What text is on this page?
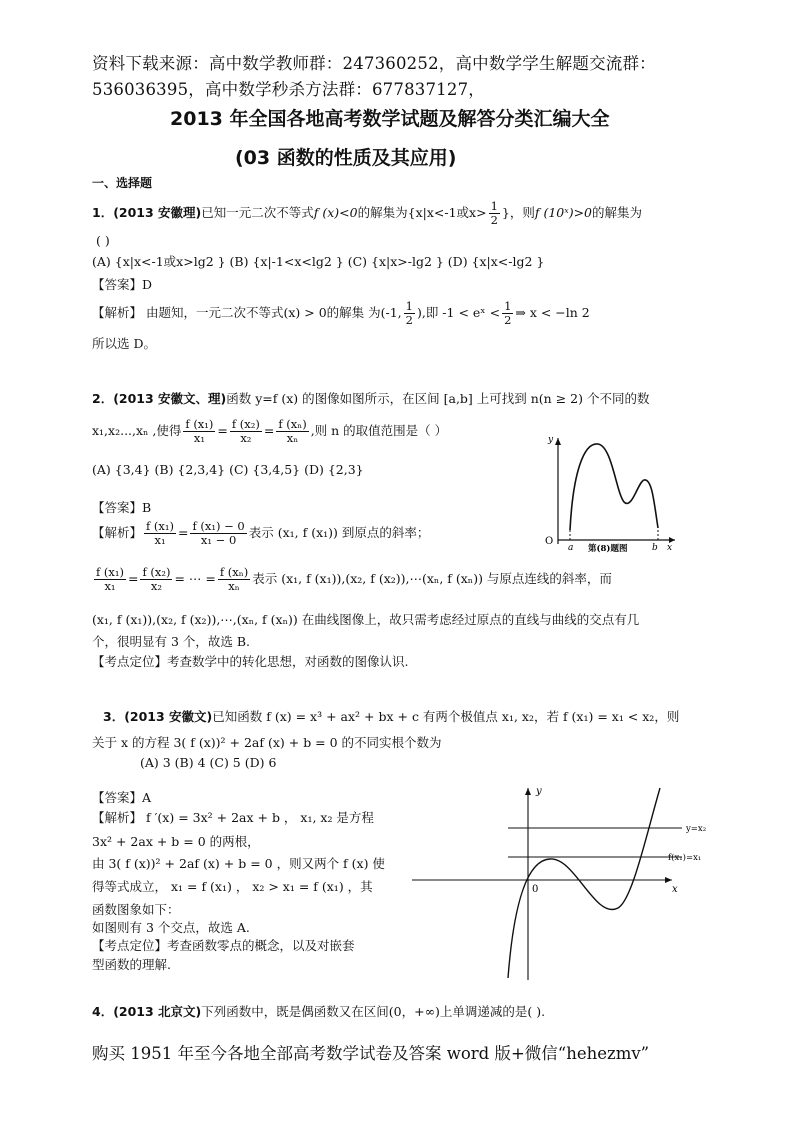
资料下载来源：高中数学教师群：247360252，高中数学学生解题交流群：
536036395，高中数学秒杀方法群：677837127，
2013 年全国各地高考数学试题及解答分类汇编大全
(03 函数的性质及其应用)
一、选择题
1．(2013 安徽理)已知一元二次不等式f (x)<0的解集为{x|x<-1或$x> \frac{1}{2}$ }，则f (10ˣ)>0的解集为
( )
(A) {x|x<-1或x>lg2 } (B) {x|-1<x<lg2 } (C) {x|x>-lg2 } (D) {x|x<-lg2 }
【答案】D
【解析】 由题知，一元二次不等式(x) > 0的解集 为(-1, $\frac{1}{2}$ ),即 -1 < eˣ < $\frac{1}{2}$ ⇒ x < −ln 2
所以选 D。
2．(2013 安徽文、理)函数 y=f (x) 的图像如图所示，在区间 [a,b] 上可找到 n(n ≥ 2) 个不同的数
x₁,x₂...,xₙ ,使得 $\frac{\text{f (x₁)}}{\text{x₁}} = \frac{\text{f (x₂)}}{\text{x₂}} = \frac{\text{f (xₙ)}}{\text{xₙ}}$ ,则 n 的取值范围是（ ）
(A) {3,4} (B) {2,3,4} (C) {3,4,5} (D) {2,3}
O
a	b x
y
第(8)题图
【答案】B
【解析】 $\frac{\text{f (x₁)}}{\text{x₁}} = \frac{\text{f (x₁) − 0}}{\text{x₁ − 0}}$ 表示 (x₁, f (x₁)) 到原点的斜率；
$\frac{\text{f (x₁)}}{\text{x₁}} = \frac{\text{f (x₂)}}{\text{x₂}}$ = ⋯ = $\frac{\text{f (xₙ)}}{\text{xₙ}}$ 表示 (x₁, f (x₁)),(x₂, f (x₂)),⋯(xₙ, f (xₙ)) 与原点连线的斜率，而
(x₁, f (x₁)),(x₂, f (x₂)),⋯,(xₙ, f (xₙ)) 在曲线图像上，故只需考虑经过原点的直线与曲线的交点有几
个，很明显有 3 个，故选 B.
【考点定位】考查数学中的转化思想，对函数的图像认识.
3．(2013 安徽文)已知函数 f (x) = x³ + ax² + bx + c 有两个极值点 x₁, x₂，若 f (x₁) = x₁ < x₂，则
关于 x 的方程 3( f (x))² + 2af (x) + b = 0 的不同实根个数为
(A) 3 (B) 4 (C) 5 (D) 6
【答案】A
【解析】 f ′(x) = 3x² + 2ax + b ， x₁, x₂ 是方程
3x² + 2ax + b = 0 的两根，
由 3( f (x))² + 2af (x) + b = 0 ，则又两个 f (x) 使
得等式成立， x₁ = f (x₁) ， x₂ > x₁ = f (x₁) ，其
函数图象如下：
如图则有 3 个交点，故选 A.
【考点定位】考查函数零点的概念，以及对嵌套
型函数的理解.
y
x
0
y=x₂
f(x₁)=x₁
4．(2013 北京文)下列函数中，既是偶函数又在区间(0，+∞)上单调递减的是( ).
购买 1951 年至今各地全部高考数学试卷及答案 word 版+微信“hehezmv”
